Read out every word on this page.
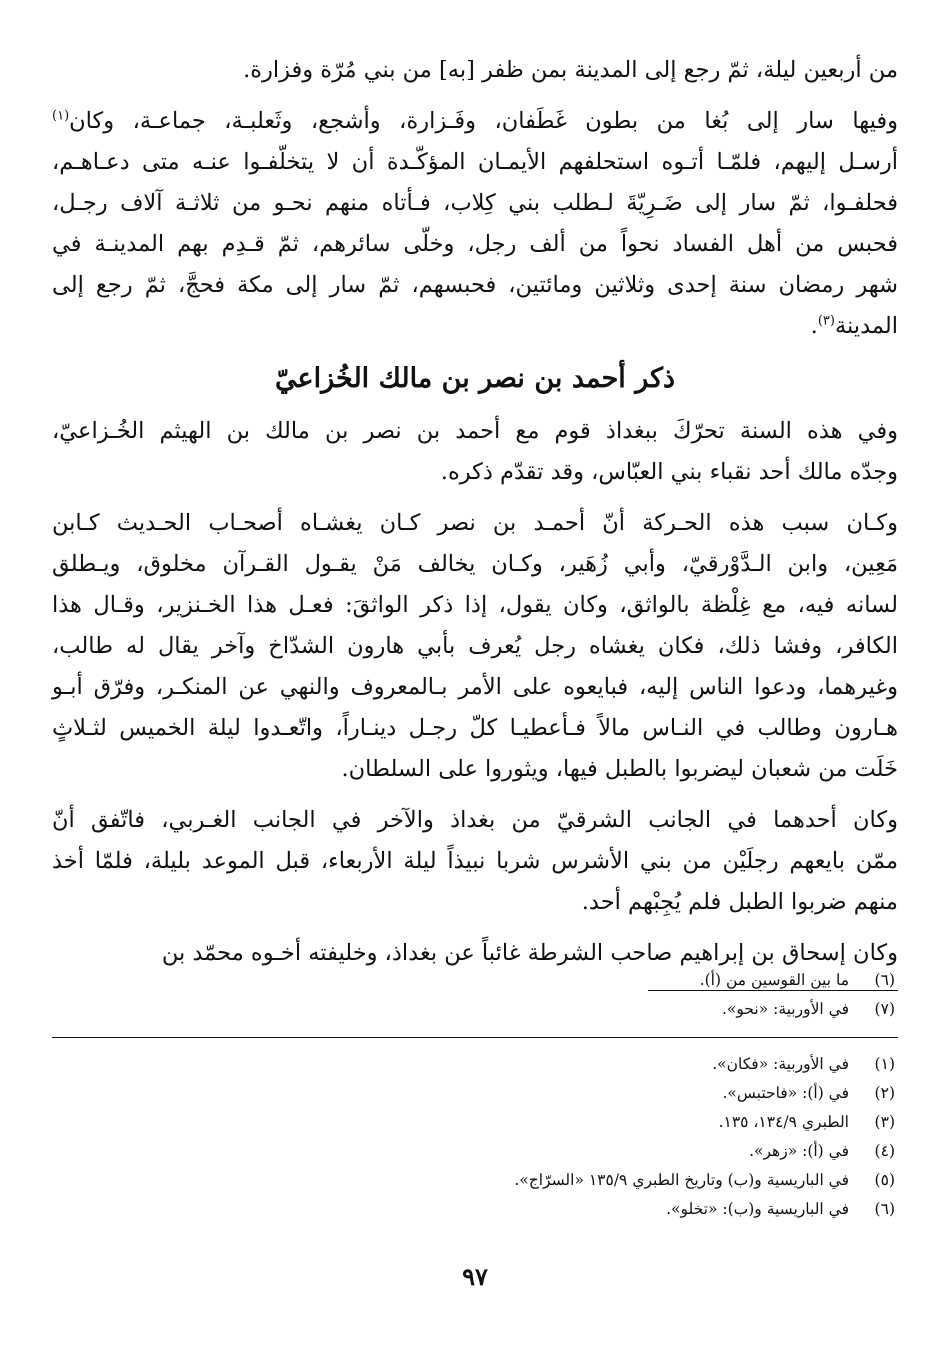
من أربعين ليلة، ثمّ رجع إلى المدينة بمن ظفر [به] من بني مُرّة وفزارة.

وفيها سار إلى بُغا من بطون غَطَفان، وفَـزارة، وأشجع، وثَعلبـة، جماعـة، وكان$^{(١)}$
أرسـل إليهم، فلمّـا أتـوه استحلفهم الأيمـان المؤكّـدة أن لا يتخلّفـوا عنـه متى دعـاهـم،
فحلفـوا، ثمّ سار إلى ضَـرِيّةَ لـطلب بني كِلاب، فـأتاه منهم نحـو من ثلاثـة آلاف رجـل،
فحبس من أهل الفساد نحواً من ألف رجل، وخلّى سائرهم، ثمّ قـدِم بهم المدينـة في
شهر رمضان سنة إحدى وثلاثين ومائتين، فحبسهم، ثمّ سار إلى مكة فحجَّ، ثمّ رجع إلى
المدينة$^{(٣)}$.

ذكر أحمد بن نصر بن مالك الخُزاعيّ

وفي هذه السنة تحرّكَ ببغداذ قوم مع أحمد بن نصر بن مالك بن الهيثم الخُـزاعيّ،
وجدّه مالك أحد نقباء بني العبّاس، وقد تقدّم ذكره.

وكـان سبب هذه الحـركة أنّ أحمـد بن نصر كـان يغشـاه أصحـاب الحـديث كـابن
مَعِين، وابن الـدَّوْرقيّ، وأبي زُهَير، وكـان يخالف مَنْ يقـول القـرآن مخلوق، ويـطلق
لسانه فيه، مع غِلْظة بالواثق، وكان يقول، إذا ذكر الواثقَ: فعـل هذا الخـنزير، وقـال هذا
الكافر، وفشا ذلك، فكان يغشاه رجل يُعرف بأبي هارون الشدّاخ وآخر يقال له طالب،
وغيرهما، ودعوا الناس إليه، فبايعوه على الأمر بـالمعروف والنهي عن المنكـر، وفرّق أبـو
هـارون وطالب في النـاس مالاً فـأعطيـا كلّ رجـل دينـاراً، واتّعـدوا ليلة الخميس لثـلاثٍ
خَلَت من شعبان ليضربوا بالطبل فيها، ويثوروا على السلطان.

وكان أحدهما في الجانب الشرقيّ من بغداذ والآخر في الجانب الغـربي، فاتّفق أنّ
ممّن بايعهم رجلَيْن من بني الأشرس شربا نبيذاً ليلة الأربعاء، قبل الموعد بليلة، فلمّا أخذ
منهم ضربوا الطبل فلم يُجِبْهم أحد.

وكان إسحاق بن إبراهيم صاحب الشرطة غائباً عن بغداذ، وخليفته أخـوه محمّد بن

(٦)
ما بين القوسين من (أ).
(٧)
في الأوربية: «نحو».
(١)
في الأوربية: «فكان».
(٢)
في (أ): «فاحتبس».
(٣)
الطبري ١٣٤/٩، ١٣٥.
(٤)
في (أ): «زهر».
(٥)
في الباريسية و(ب) وتاريخ الطبري ١٣٥/٩ «السرّاج».
(٦)
في الباريسية و(ب): «تخلو».
٩٧
